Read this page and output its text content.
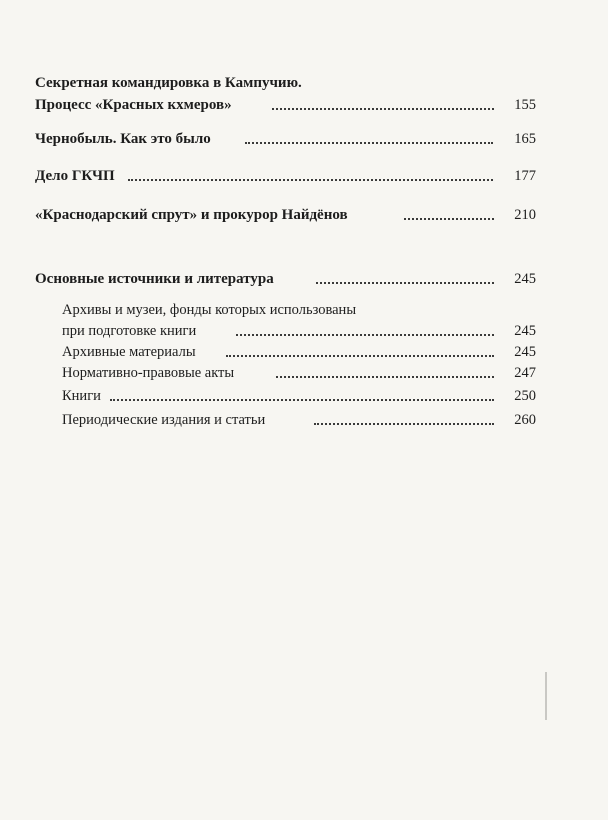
Секретная командировка в Кампучию.
Процесс «Красных кхмеров»	155
Чернобыль. Как это было	165
Дело ГКЧП	177
«Краснодарский спрут» и прокурор Найдёнов	210
Основные источники и литература	245
Архивы и музеи, фонды которых использованы
при подготовке книги	245
Архивные материалы	245
Нормативно-правовые акты	247
Книги	250
Периодические издания и статьи	260
